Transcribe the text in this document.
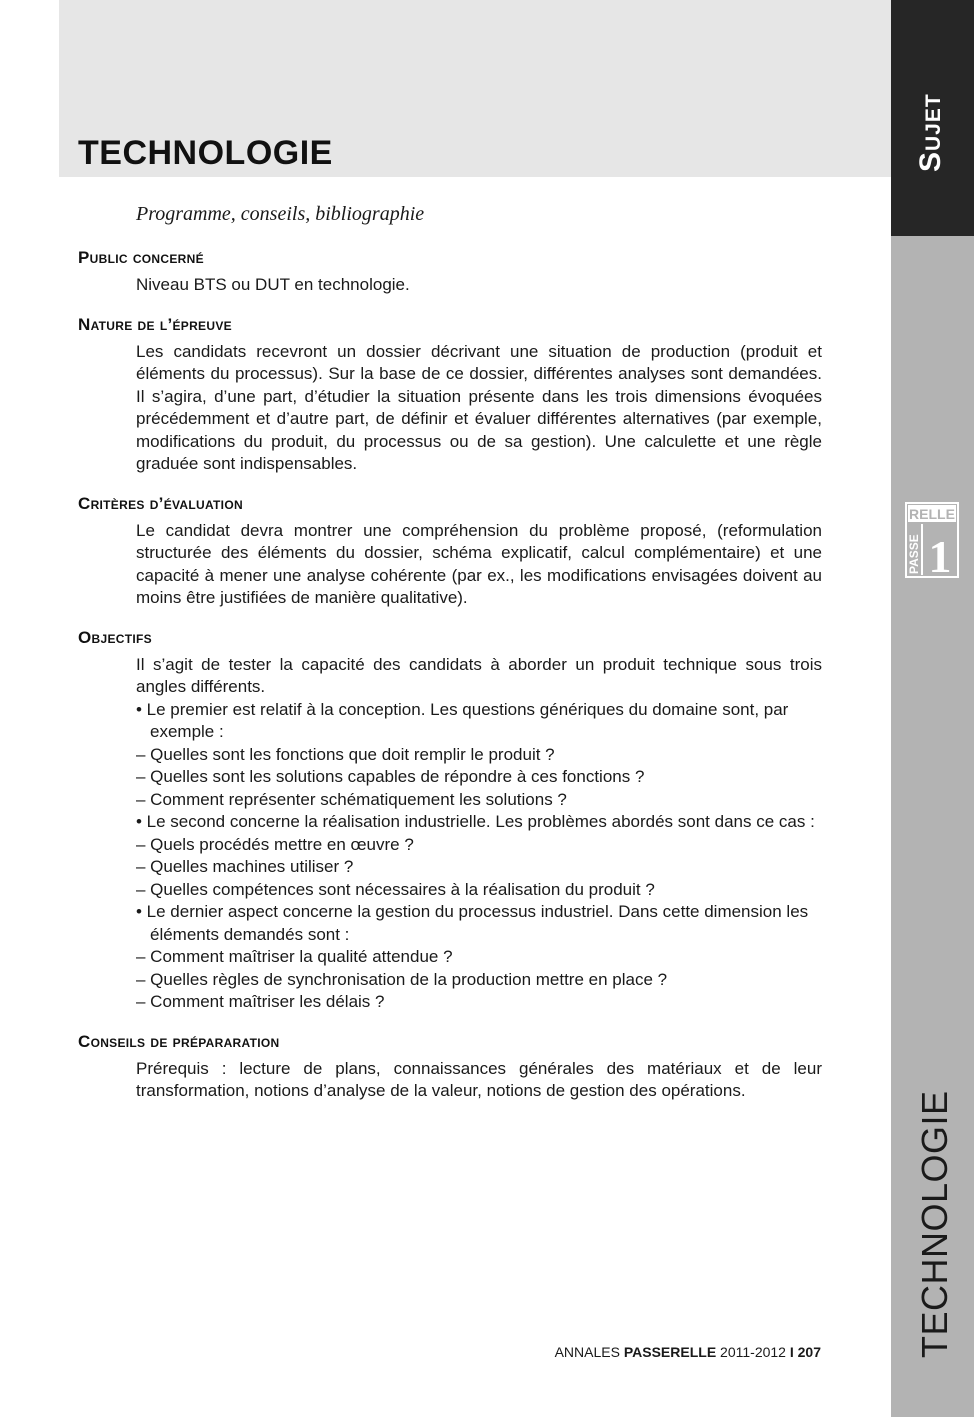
TECHNOLOGIE

Programme, conseils, bibliographie

Public concerné

Niveau BTS ou DUT en technologie.

Nature de l’épreuve

Les candidats recevront un dossier décrivant une situation de production (produit et éléments du processus). Sur la base de ce dossier, différentes analyses sont demandées. Il s’agira, d’une part, d’étudier la situation présente dans les trois dimensions évoquées précédemment et d’autre part, de définir et évaluer différentes alternatives (par exemple, modifications du produit, du processus ou de sa gestion). Une calculette et une règle graduée sont indispensables.

Critères d’évaluation

Le candidat devra montrer une compréhension du problème proposé, (reformulation structurée des éléments du dossier, schéma explicatif, calcul complémentaire) et une capacité à mener une analyse cohérente (par ex., les modifications envisagées doivent au moins être justifiées de manière qualitative).

Objectifs

Il s’agit de tester la capacité des candidats à aborder un produit technique sous trois angles différents.

• Le premier est relatif à la conception. Les questions génériques du domaine sont, par exemple :
– Quelles sont les fonctions que doit remplir le produit ?
– Quelles sont les solutions capables de répondre à ces fonctions ?
– Comment représenter schématiquement les solutions ?
• Le second concerne la réalisation industrielle. Les problèmes abordés sont dans ce cas :
– Quels procédés mettre en œuvre ?
– Quelles machines utiliser ?
– Quelles compétences sont nécessaires à la réalisation du produit ?
• Le dernier aspect concerne la gestion du processus industriel. Dans cette dimension les éléments demandés sont :
– Comment maîtriser la qualité attendue ?
– Quelles règles de synchronisation de la production mettre en place ?
– Comment maîtriser les délais ?
Conseils de prépararation

Prérequis : lecture de plans, connaissances générales des matériaux et de leur transformation, notions d’analyse de la valeur, notions de gestion des opérations.

Sujet
RELLE
PASSE 1
TECHNOLOGIE
ANNALES PASSERELLE 2011-2012 I 207
